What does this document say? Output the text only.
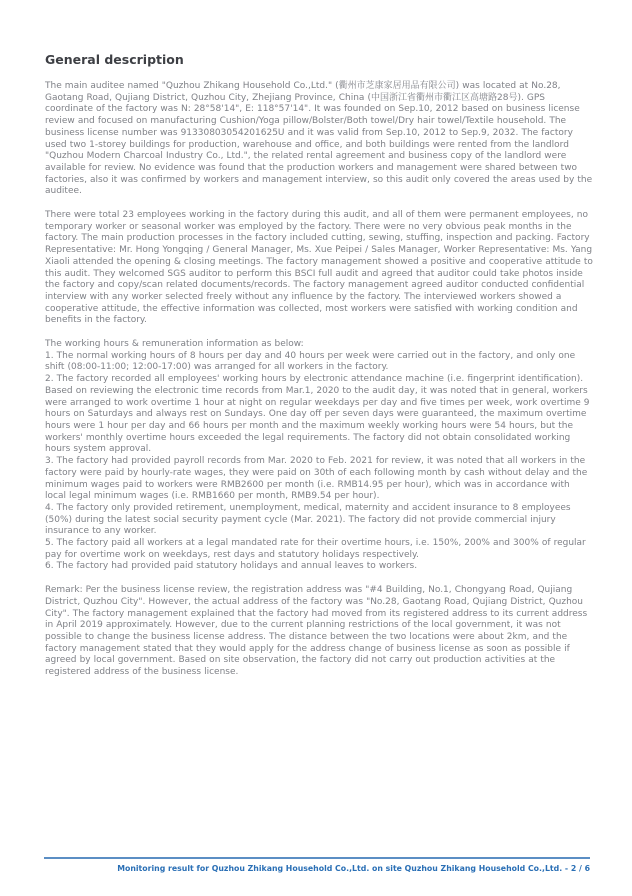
General description

The main auditee named "Quzhou Zhikang Household Co.,Ltd." (衢州市芝康家居用品有限公司) was located at No.28, Gaotang Road, Qujiang District, Quzhou City, Zhejiang Province, China (中国浙江省衢州市衢江区高塘路28号). GPS coordinate of the factory was N: 28°58'14", E: 118°57'14". It was founded on Sep.10, 2012 based on business license review and focused on manufacturing Cushion/Yoga pillow/Bolster/Both towel/Dry hair towel/Textile household. The business license number was 91330803054201625U and it was valid from Sep.10, 2012 to Sep.9, 2032. The factory used two 1-storey buildings for production, warehouse and office, and both buildings were rented from the landlord "Quzhou Modern Charcoal Industry Co., Ltd.", the related rental agreement and business copy of the landlord were available for review. No evidence was found that the production workers and management were shared between two factories, also it was confirmed by workers and management interview, so this audit only covered the areas used by the auditee.

There were total 23 employees working in the factory during this audit, and all of them were permanent employees, no temporary worker or seasonal worker was employed by the factory. There were no very obvious peak months in the factory. The main production processes in the factory included cutting, sewing, stuffing, inspection and packing. Factory Representative: Mr. Hong Yongqing / General Manager, Ms. Xue Peipei / Sales Manager, Worker Representative: Ms. Yang Xiaoli attended the opening & closing meetings. The factory management showed a positive and cooperative attitude to this audit. They welcomed SGS auditor to perform this BSCI full audit and agreed that auditor could take photos inside the factory and copy/scan related documents/records. The factory management agreed auditor conducted confidential interview with any worker selected freely without any influence by the factory. The interviewed workers showed a cooperative attitude, the effective information was collected, most workers were satisfied with working condition and benefits in the factory.

The working hours & remuneration information as below:
1. The normal working hours of 8 hours per day and 40 hours per week were carried out in the factory, and only one shift (08:00-11:00; 12:00-17:00) was arranged for all workers in the factory.
2. The factory recorded all employees' working hours by electronic attendance machine (i.e. fingerprint identification). Based on reviewing the electronic time records from Mar.1, 2020 to the audit day, it was noted that in general, workers were arranged to work overtime 1 hour at night on regular weekdays per day and five times per week, work overtime 9 hours on Saturdays and always rest on Sundays. One day off per seven days were guaranteed, the maximum overtime hours were 1 hour per day and 66 hours per month and the maximum weekly working hours were 54 hours, but the workers' monthly overtime hours exceeded the legal requirements. The factory did not obtain consolidated working hours system approval.
3. The factory had provided payroll records from Mar. 2020 to Feb. 2021 for review, it was noted that all workers in the factory were paid by hourly-rate wages, they were paid on 30th of each following month by cash without delay and the minimum wages paid to workers were RMB2600 per month (i.e. RMB14.95 per hour), which was in accordance with local legal minimum wages (i.e. RMB1660 per month, RMB9.54 per hour).
4. The factory only provided retirement, unemployment, medical, maternity and accident insurance to 8 employees (50%) during the latest social security payment cycle (Mar. 2021). The factory did not provide commercial injury insurance to any worker.
5. The factory paid all workers at a legal mandated rate for their overtime hours, i.e. 150%, 200% and 300% of regular pay for overtime work on weekdays, rest days and statutory holidays respectively.
6. The factory had provided paid statutory holidays and annual leaves to workers.

Remark: Per the business license review, the registration address was "#4 Building, No.1, Chongyang Road, Qujiang District, Quzhou City". However, the actual address of the factory was "No.28, Gaotang Road, Qujiang District, Quzhou City". The factory management explained that the factory had moved from its registered address to its current address in April 2019 approximately. However, due to the current planning restrictions of the local government, it was not possible to change the business license address. The distance between the two locations were about 2km, and the factory management stated that they would apply for the address change of business license as soon as possible if agreed by local government. Based on site observation, the factory did not carry out production activities at the registered address of the business license.

Monitoring result for Quzhou Zhikang Household Co.,Ltd. on site Quzhou Zhikang Household Co.,Ltd. - 2 / 6
